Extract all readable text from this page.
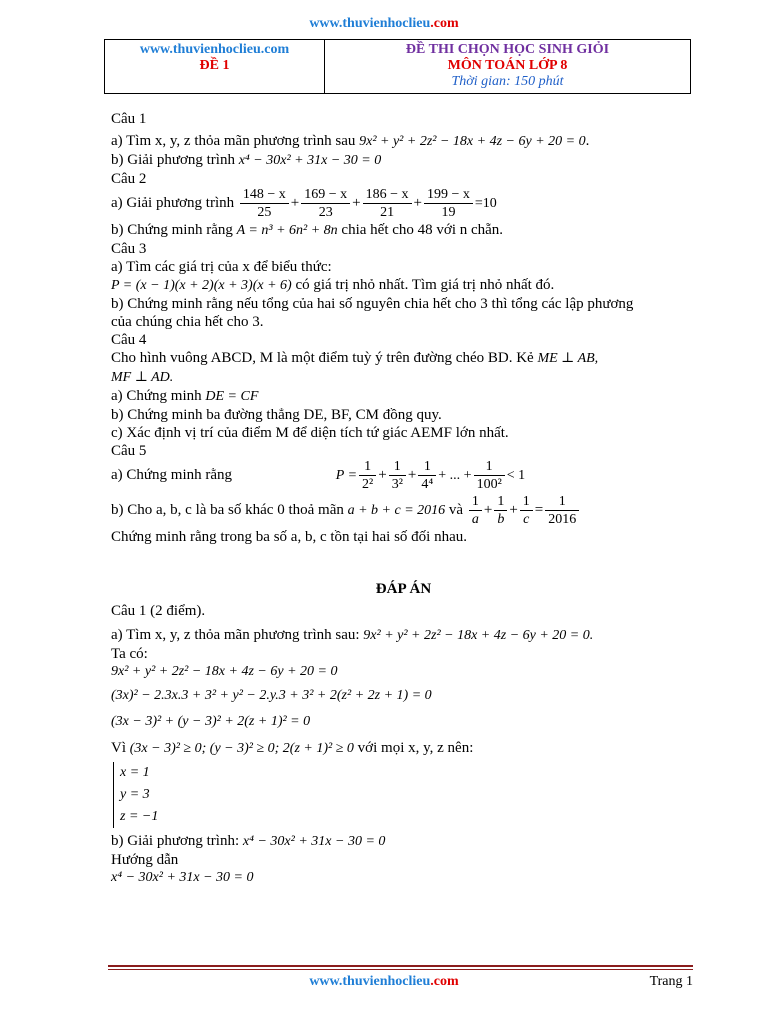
www.thuvienhoclieu.com
www.thuvienhoclieu.com
ĐỀ 1
ĐỀ THI CHỌN HỌC SINH GIỎI
MÔN TOÁN LỚP 8
Thời gian: 150 phút
Câu 1
a) Tìm x, y, z thỏa mãn phương trình sau 9x² + y² + 2z² − 18x + 4z − 6y + 20 = 0.
b) Giải phương trình x⁴ − 30x² + 31x − 30 = 0
Câu 2
a) Giải phương trình $\frac{148 - x}{25} + \frac{169 - x}{23} + \frac{186 - x}{21} + \frac{199 - x}{19} =10$
b) Chứng minh rằng A = n³ + 6n² + 8n chia hết cho 48 với n chẵn.
Câu 3
a) Tìm các giá trị của x để biểu thức:
P = (x − 1)(x + 2)(x + 3)(x + 6) có giá trị nhỏ nhất. Tìm giá trị nhỏ nhất đó.
b) Chứng minh rằng nếu tổng của hai số nguyên chia hết cho 3 thì tổng các lập phương
của chúng chia hết cho 3.
Câu 4
Cho hình vuông ABCD, M là một điểm tuỳ ý trên đường chéo BD. Kẻ ME ⊥ AB,
MF ⊥ AD.
a) Chứng minh DE = CF
b) Chứng minh ba đường thẳng DE, BF, CM đồng quy.
c) Xác định vị trí của điểm M để diện tích tứ giác AEMF lớn nhất.
Câu 5
a) Chứng minh rằng	$P = \frac{1}{\text{2²}} + \frac{1}{\text{3²}} + \frac{1}{\text{4⁴}}$ + ... + $\frac{1}{\text{100²}} < 1$
b) Cho a, b, c là ba số khác 0 thoả mãn a + b + c = 2016 và $\frac{1}{a} + \frac{1}{b} + \frac{1}{c} = \frac{1}{2016}$
Chứng minh rằng trong ba số a, b, c tồn tại hai số đối nhau.
ĐÁP ÁN
Câu 1 (2 điểm).
a) Tìm x, y, z thỏa mãn phương trình sau: 9x² + y² + 2z² − 18x + 4z − 6y + 20 = 0.
Ta có:
9x² + y² + 2z² − 18x + 4z − 6y + 20 = 0
(3x)² − 2.3x.3 + 3² + y² − 2.y.3 + 3² + 2(z² + 2z + 1) = 0
(3x − 3)² + (y − 3)² + 2(z + 1)² = 0
Vì (3x − 3)² ≥ 0; (y − 3)² ≥ 0; 2(z + 1)² ≥ 0 với mọi x, y, z nên:
x = 1
y = 3
z = −1
b) Giải phương trình: x⁴ − 30x² + 31x − 30 = 0
Hướng dẫn
x⁴ − 30x² + 31x − 30 = 0
www.thuvienhoclieu.com	Trang 1
